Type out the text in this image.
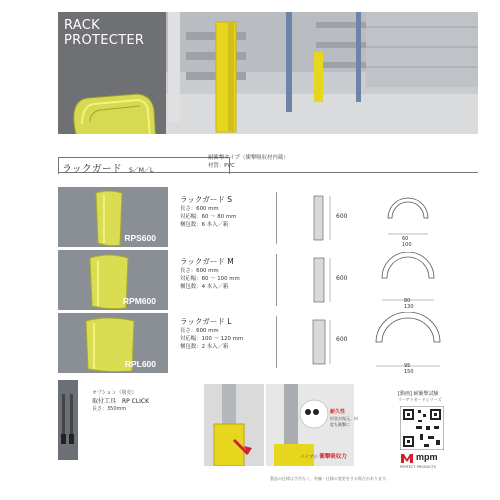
RACK
PROTECTER
ラックガード S／M／L
耐衝撃タイプ（衝撃吸収材内蔵）
材質：PVC
RPS600
ラックガード S
長さ：600 mm
対応幅：60 〜 80 mm
梱包数：6 本入／箱
600
RPM600
ラックガード M
長さ：600 mm
対応幅：80 〜 100 mm
梱包数：4 本入／箱
600
RPL600
ラックガード L
長さ：600 mm
対応幅：100 〜 120 mm
梱包数：2 本入／箱
600
60
100
80
130
95
150
オプション（別売）
取付工具 RP CLICK
長さ：350mm	耐久性
形状が復元、何度も衝撃に
パイプの 衝撃吸収力
[動画] 耐衝撃試験
ラーアトガードシリーズ
mpm
PERFECT PRODUCTS
製品の仕様は予告なく、外観・仕様の変更をする場合があります。
